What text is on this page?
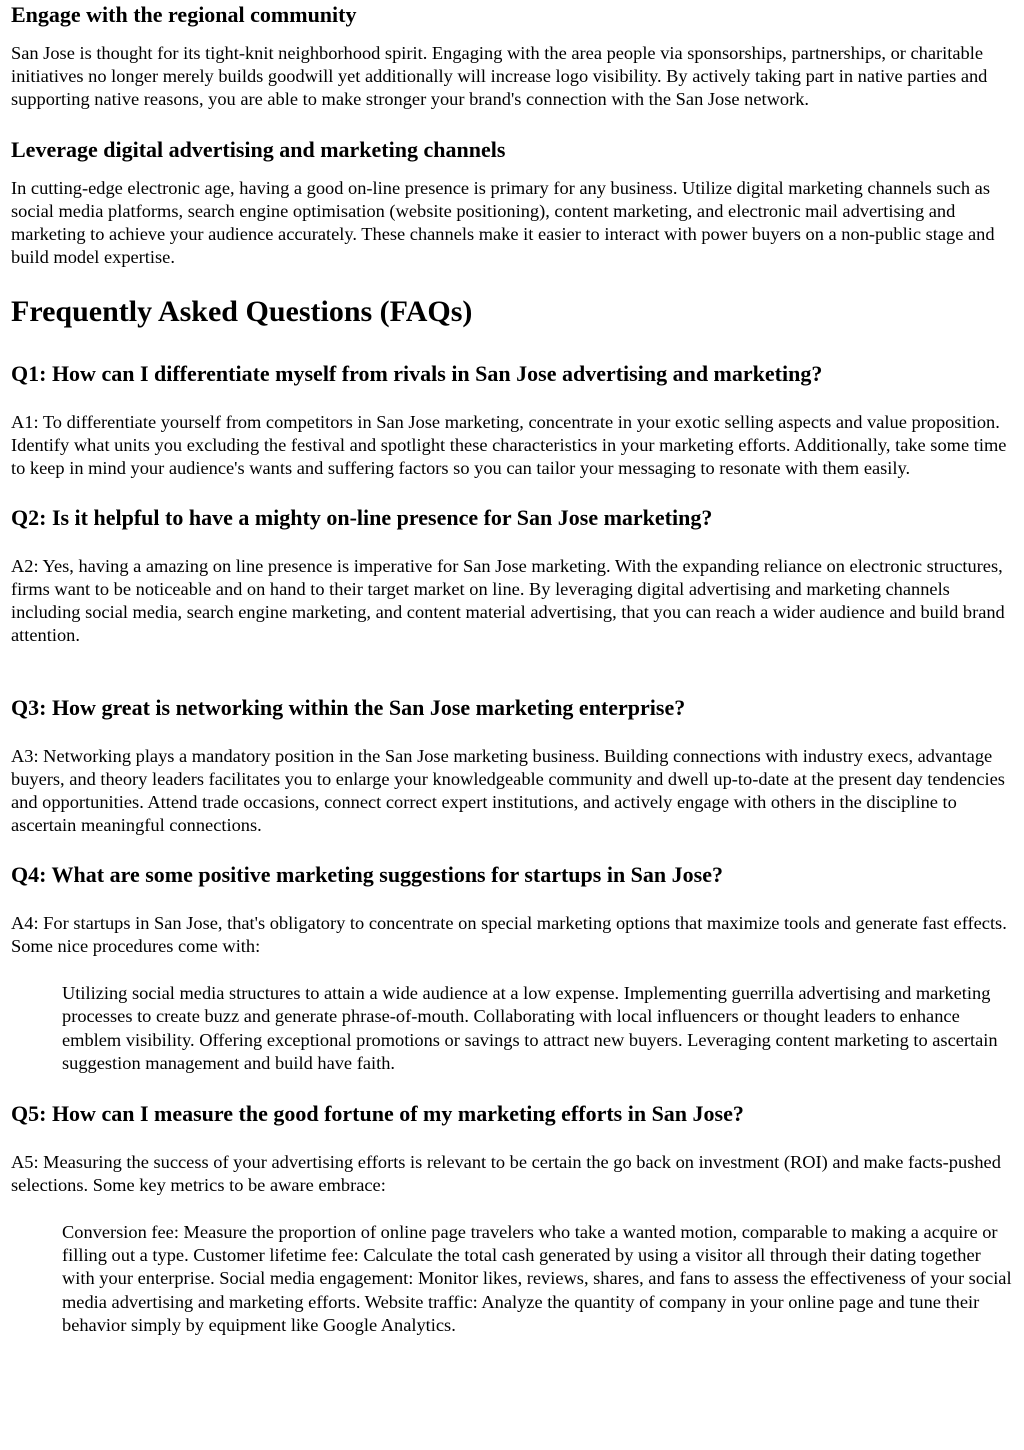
Engage with the regional community

San Jose is thought for its tight-knit neighborhood spirit. Engaging with the area people via sponsorships, partnerships, or charitable initiatives no longer merely builds goodwill yet additionally will increase logo visibility. By actively taking part in native parties and supporting native reasons, you are able to make stronger your brand's connection with the San Jose network.

Leverage digital advertising and marketing channels

In cutting-edge electronic age, having a good on-line presence is primary for any business. Utilize digital marketing channels such as social media platforms, search engine optimisation (website positioning), content marketing, and electronic mail advertising and marketing to achieve your audience accurately. These channels make it easier to interact with power buyers on a non-public stage and build model expertise.

Frequently Asked Questions (FAQs)
Q1: How can I differentiate myself from rivals in San Jose advertising and marketing?

A1: To differentiate yourself from competitors in San Jose marketing, concentrate in your exotic selling aspects and value proposition. Identify what units you excluding the festival and spotlight these characteristics in your marketing efforts. Additionally, take some time to keep in mind your audience's wants and suffering factors so you can tailor your messaging to resonate with them easily.

Q2: Is it helpful to have a mighty on-line presence for San Jose marketing?

A2: Yes, having a amazing on line presence is imperative for San Jose marketing. With the expanding reliance on electronic structures, firms want to be noticeable and on hand to their target market on line. By leveraging digital advertising and marketing channels including social media, search engine marketing, and content material advertising, that you can reach a wider audience and build brand attention.

Q3: How great is networking within the San Jose marketing enterprise?

A3: Networking plays a mandatory position in the San Jose marketing business. Building connections with industry execs, advantage buyers, and theory leaders facilitates you to enlarge your knowledgeable community and dwell up-to-date at the present day tendencies and opportunities. Attend trade occasions, connect correct expert institutions, and actively engage with others in the discipline to ascertain meaningful connections.

Q4: What are some positive marketing suggestions for startups in San Jose?

A4: For startups in San Jose, that's obligatory to concentrate on special marketing options that maximize tools and generate fast effects. Some nice procedures come with:

Utilizing social media structures to attain a wide audience at a low expense. Implementing guerrilla advertising and marketing processes to create buzz and generate phrase-of-mouth. Collaborating with local influencers or thought leaders to enhance emblem visibility. Offering exceptional promotions or savings to attract new buyers. Leveraging content marketing to ascertain suggestion management and build have faith.
Q5: How can I measure the good fortune of my marketing efforts in San Jose?

A5: Measuring the success of your advertising efforts is relevant to be certain the go back on investment (ROI) and make facts-pushed selections. Some key metrics to be aware embrace:

Conversion fee: Measure the proportion of online page travelers who take a wanted motion, comparable to making a acquire or filling out a type. Customer lifetime fee: Calculate the total cash generated by using a visitor all through their dating together with your enterprise. Social media engagement: Monitor likes, reviews, shares, and fans to assess the effectiveness of your social media advertising and marketing efforts. Website traffic: Analyze the quantity of company in your online page and tune their behavior simply by equipment like Google Analytics.
